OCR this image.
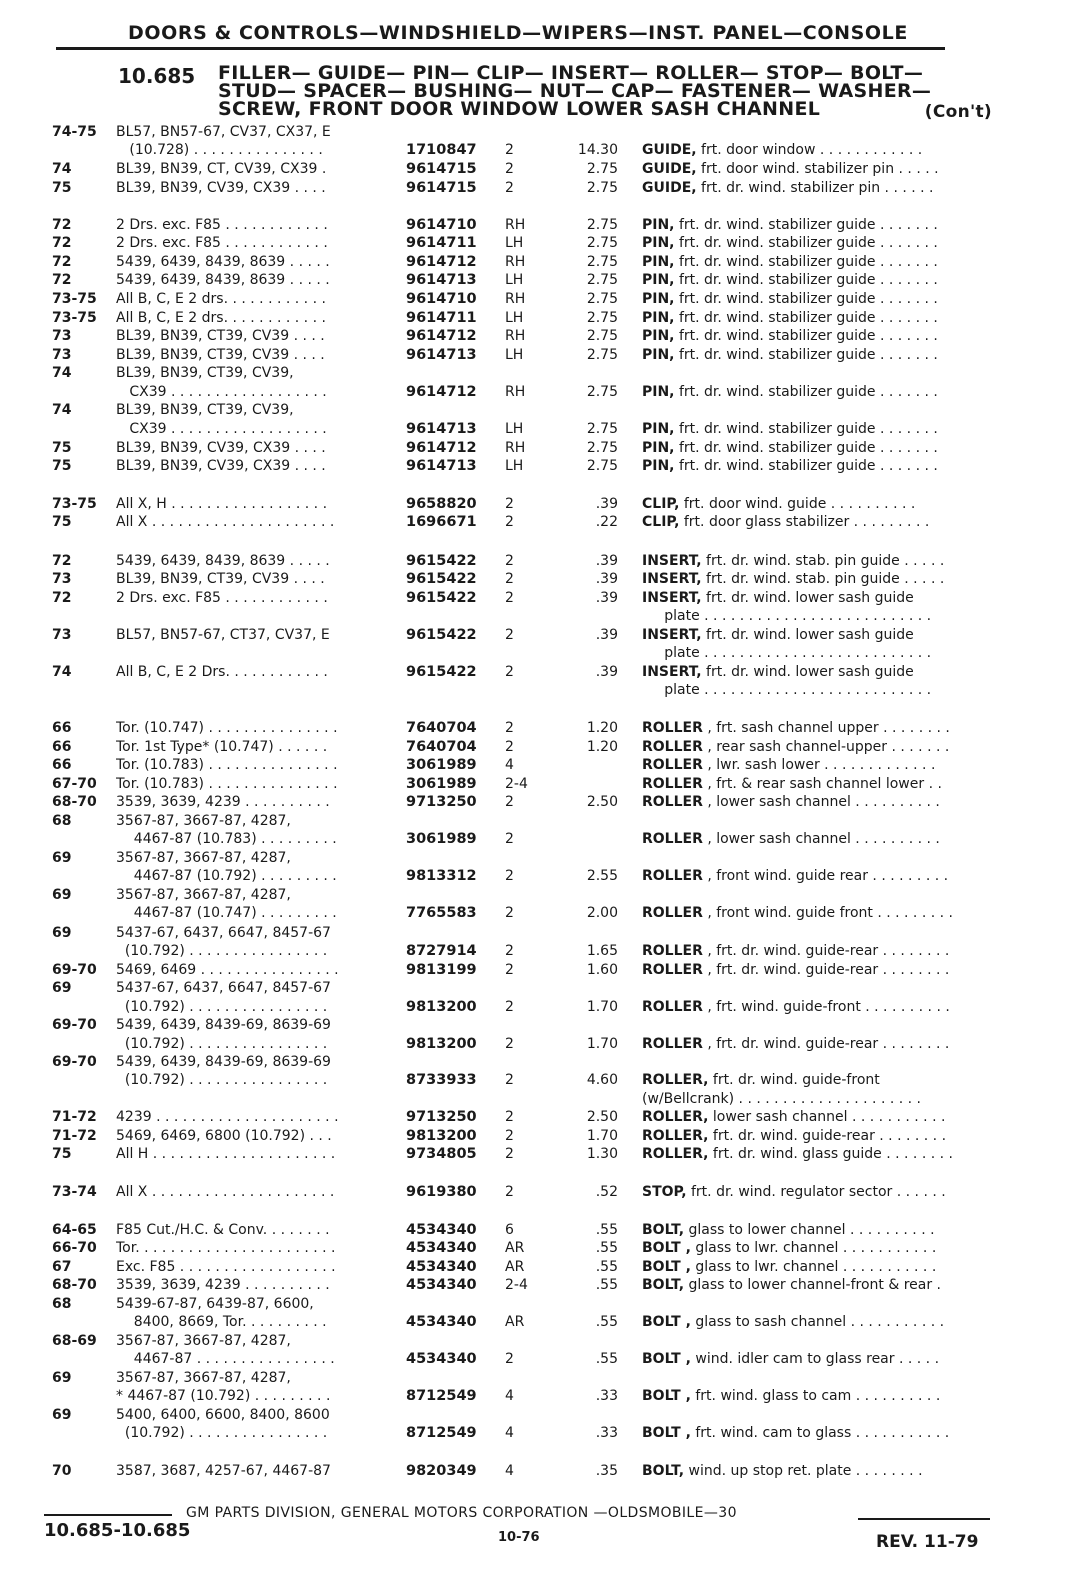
DOORS & CONTROLS—WINDSHIELD—WIPERS—INST. PANEL—CONSOLE
10.685 FILLER— GUIDE— PIN— CLIP— INSERT— ROLLER— STOP— BOLT—
STUD— SPACER— BUSHING— NUT— CAP— FASTENER— WASHER—
SCREW, FRONT DOOR WINDOW LOWER SASH CHANNEL	(Con't)
74-75 BL57, BN57-67, CV37, CX37, E
(10.728) . . . . . . . . . . . . . . .	1710847 2	14.30 GUIDE, frt. door window . . . . . . . . . . . .
74	BL39, BN39, CT, CV39, CX39 .	9614715 2	2.75 GUIDE, frt. door wind. stabilizer pin . . . . .
75	BL39, BN39, CV39, CX39 . . . .	9614715 2	2.75 GUIDE, frt. dr. wind. stabilizer pin . . . . . .
72	2 Drs. exc. F85 . . . . . . . . . . . .	9614710 RH	2.75 PIN, frt. dr. wind. stabilizer guide . . . . . . .
72	2 Drs. exc. F85 . . . . . . . . . . . .	9614711 LH	2.75 PIN, frt. dr. wind. stabilizer guide . . . . . . .
72	5439, 6439, 8439, 8639 . . . . .	9614712 RH	2.75 PIN, frt. dr. wind. stabilizer guide . . . . . . .
72	5439, 6439, 8439, 8639 . . . . .	9614713 LH	2.75 PIN, frt. dr. wind. stabilizer guide . . . . . . .
73-75 All B, C, E 2 drs. . . . . . . . . . . .	9614710 RH	2.75 PIN, frt. dr. wind. stabilizer guide . . . . . . .
73-75 All B, C, E 2 drs. . . . . . . . . . . .	9614711 LH	2.75 PIN, frt. dr. wind. stabilizer guide . . . . . . .
73	BL39, BN39, CT39, CV39 . . . .	9614712 RH	2.75 PIN, frt. dr. wind. stabilizer guide . . . . . . .
73	BL39, BN39, CT39, CV39 . . . .	9614713 LH	2.75 PIN, frt. dr. wind. stabilizer guide . . . . . . .
74	BL39, BN39, CT39, CV39,
CX39 . . . . . . . . . . . . . . . . . .	9614712 RH	2.75 PIN, frt. dr. wind. stabilizer guide . . . . . . .
74	BL39, BN39, CT39, CV39,
CX39 . . . . . . . . . . . . . . . . . .	9614713 LH	2.75 PIN, frt. dr. wind. stabilizer guide . . . . . . .
75	BL39, BN39, CV39, CX39 . . . .	9614712 RH	2.75 PIN, frt. dr. wind. stabilizer guide . . . . . . .
75	BL39, BN39, CV39, CX39 . . . .	9614713 LH	2.75 PIN, frt. dr. wind. stabilizer guide . . . . . . .
73-75 All X, H . . . . . . . . . . . . . . . . . .	9658820 2	.39 CLIP, frt. door wind. guide . . . . . . . . . .
75	All X . . . . . . . . . . . . . . . . . . . . .	1696671 2	.22 CLIP, frt. door glass stabilizer . . . . . . . . .
72	5439, 6439, 8439, 8639 . . . . .	9615422 2	.39 INSERT, frt. dr. wind. stab. pin guide . . . . .
73	BL39, BN39, CT39, CV39 . . . .	9615422 2	.39 INSERT, frt. dr. wind. stab. pin guide . . . . .
72	2 Drs. exc. F85 . . . . . . . . . . . .	9615422 2	.39 INSERT, frt. dr. wind. lower sash guide
plate . . . . . . . . . . . . . . . . . . . . . . . . . .
73	BL57, BN57-67, CT37, CV37, E	9615422 2	.39 INSERT, frt. dr. wind. lower sash guide
plate . . . . . . . . . . . . . . . . . . . . . . . . . .
74	All B, C, E 2 Drs. . . . . . . . . . . .	9615422 2	.39 INSERT, frt. dr. wind. lower sash guide
plate . . . . . . . . . . . . . . . . . . . . . . . . . .
66	Tor. (10.747) . . . . . . . . . . . . . . .	7640704 2	1.20 ROLLER , frt. sash channel upper . . . . . . . .
66	Tor. 1st Type* (10.747) . . . . . .	7640704 2	1.20 ROLLER , rear sash channel-upper . . . . . . .
66	Tor. (10.783) . . . . . . . . . . . . . . .	3061989 4	ROLLER , lwr. sash lower . . . . . . . . . . . . .
67-70 Tor. (10.783) . . . . . . . . . . . . . . .	3061989 2-4	ROLLER , frt. & rear sash channel lower . .
68-70 3539, 3639, 4239 . . . . . . . . . .	9713250 2	2.50 ROLLER , lower sash channel . . . . . . . . . .
68	3567-87, 3667-87, 4287,
4467-87 (10.783) . . . . . . . . .	3061989 2	ROLLER , lower sash channel . . . . . . . . . .
69	3567-87, 3667-87, 4287,
4467-87 (10.792) . . . . . . . . .	9813312 2	2.55 ROLLER , front wind. guide rear . . . . . . . . .
69	3567-87, 3667-87, 4287,
4467-87 (10.747) . . . . . . . . .	7765583 2	2.00 ROLLER , front wind. guide front . . . . . . . . .
69	5437-67, 6437, 6647, 8457-67
(10.792) . . . . . . . . . . . . . . . .	8727914 2	1.65 ROLLER , frt. dr. wind. guide-rear . . . . . . . .
69-70 5469, 6469 . . . . . . . . . . . . . . . .	9813199 2	1.60 ROLLER , frt. dr. wind. guide-rear . . . . . . . .
69	5437-67, 6437, 6647, 8457-67
(10.792) . . . . . . . . . . . . . . . .	9813200 2	1.70 ROLLER , frt. wind. guide-front . . . . . . . . . .
69-70 5439, 6439, 8439-69, 8639-69
(10.792) . . . . . . . . . . . . . . . .	9813200 2	1.70 ROLLER , frt. dr. wind. guide-rear . . . . . . . .
69-70 5439, 6439, 8439-69, 8639-69
(10.792) . . . . . . . . . . . . . . . .	8733933 2	4.60 ROLLER, frt. dr. wind. guide-front
(w/Bellcrank) . . . . . . . . . . . . . . . . . . . . .
71-72 4239 . . . . . . . . . . . . . . . . . . . . .	9713250 2	2.50 ROLLER, lower sash channel . . . . . . . . . . .
71-72 5469, 6469, 6800 (10.792) . . .	9813200 2	1.70 ROLLER, frt. dr. wind. guide-rear . . . . . . . .
75	All H . . . . . . . . . . . . . . . . . . . . .	9734805 2	1.30 ROLLER, frt. dr. wind. glass guide . . . . . . . .
73-74 All X . . . . . . . . . . . . . . . . . . . . .	9619380 2	.52 STOP, frt. dr. wind. regulator sector . . . . . .
64-65 F85 Cut./H.C. & Conv. . . . . . . .	4534340 6	.55 BOLT, glass to lower channel . . . . . . . . . .
66-70 Tor. . . . . . . . . . . . . . . . . . . . . . .	4534340 AR	.55 BOLT , glass to lwr. channel . . . . . . . . . . .
67	Exc. F85 . . . . . . . . . . . . . . . . . .	4534340 AR	.55 BOLT , glass to lwr. channel . . . . . . . . . . .
68-70 3539, 3639, 4239 . . . . . . . . . .	4534340 2-4	.55 BOLT, glass to lower channel-front & rear .
68	5439-67-87, 6439-87, 6600,
8400, 8669, Tor. . . . . . . . . .	4534340 AR	.55 BOLT , glass to sash channel . . . . . . . . . . .
68-69 3567-87, 3667-87, 4287,
4467-87 . . . . . . . . . . . . . . . .	4534340 2	.55 BOLT , wind. idler cam to glass rear . . . . .
69	3567-87, 3667-87, 4287,
* 4467-87 (10.792) . . . . . . . . .	8712549 4	.33 BOLT , frt. wind. glass to cam . . . . . . . . . .
69	5400, 6400, 6600, 8400, 8600
(10.792) . . . . . . . . . . . . . . . .	8712549 4	.33 BOLT , frt. wind. cam to glass . . . . . . . . . . .
70	3587, 3687, 4257-67, 4467-87	9820349 4	.35 BOLT, wind. up stop ret. plate . . . . . . . .
10.685-10.685
GM PARTS DIVISION, GENERAL MOTORS CORPORATION —OLDSMOBILE—30
10-76	REV. 11-79
